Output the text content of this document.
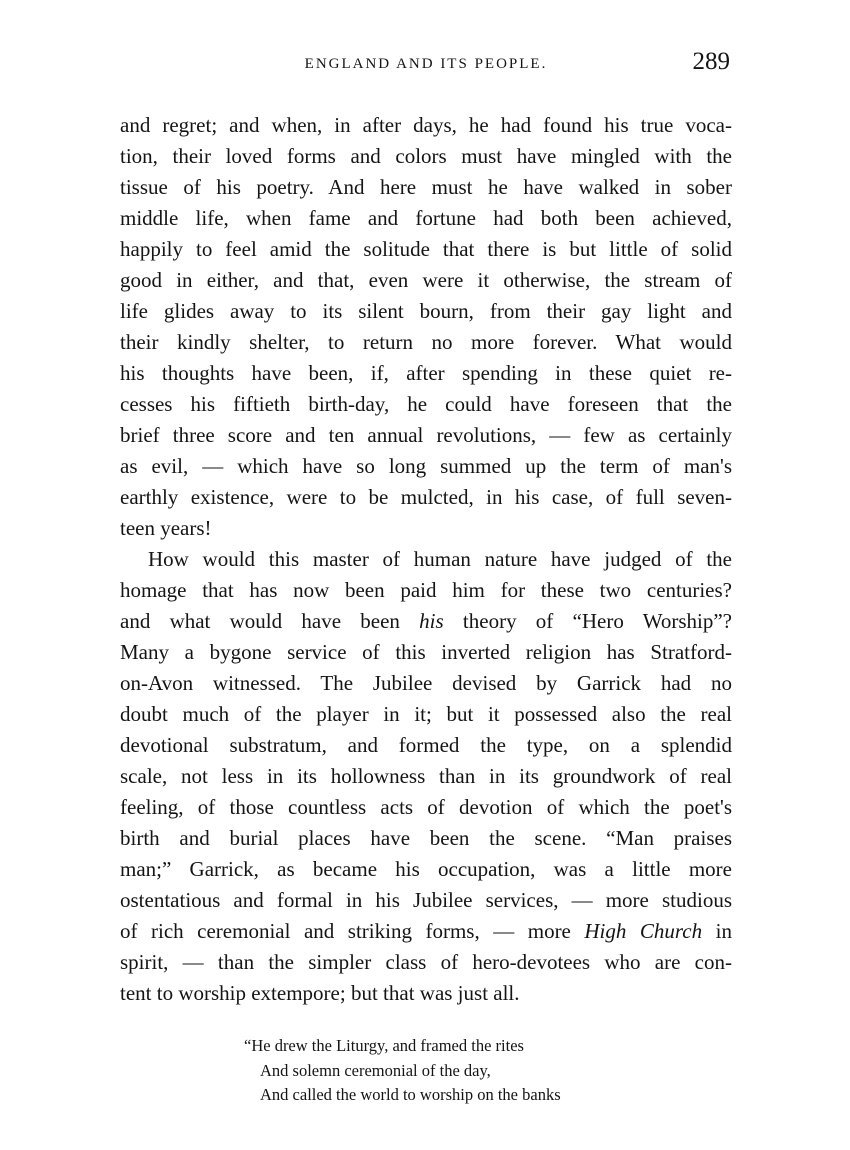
ENGLAND AND ITS PEOPLE.	289
and regret; and when, in after days, he had found his true voca-
tion, their loved forms and colors must have mingled with the
tissue of his poetry. And here must he have walked in sober
middle life, when fame and fortune had both been achieved,
happily to feel amid the solitude that there is but little of solid
good in either, and that, even were it otherwise, the stream of
life glides away to its silent bourn, from their gay light and
their kindly shelter, to return no more forever. What would
his thoughts have been, if, after spending in these quiet re-
cesses his fiftieth birth-day, he could have foreseen that the
brief three score and ten annual revolutions, — few as certainly
as evil, — which have so long summed up the term of man's
earthly existence, were to be mulcted, in his case, of full seven-
teen years!
How would this master of human nature have judged of the
homage that has now been paid him for these two centuries?
and what would have been his theory of “Hero Worship”?
Many a bygone service of this inverted religion has Stratford-
on-Avon witnessed. The Jubilee devised by Garrick had no
doubt much of the player in it; but it possessed also the real
devotional substratum, and formed the type, on a splendid
scale, not less in its hollowness than in its groundwork of real
feeling, of those countless acts of devotion of which the poet's
birth and burial places have been the scene. “Man praises
man;” Garrick, as became his occupation, was a little more
ostentatious and formal in his Jubilee services, — more studious
of rich ceremonial and striking forms, — more High Church in
spirit, — than the simpler class of hero-devotees who are con-
tent to worship extempore; but that was just all.
“He drew the Liturgy, and framed the rites
And solemn ceremonial of the day,
And called the world to worship on the banks
